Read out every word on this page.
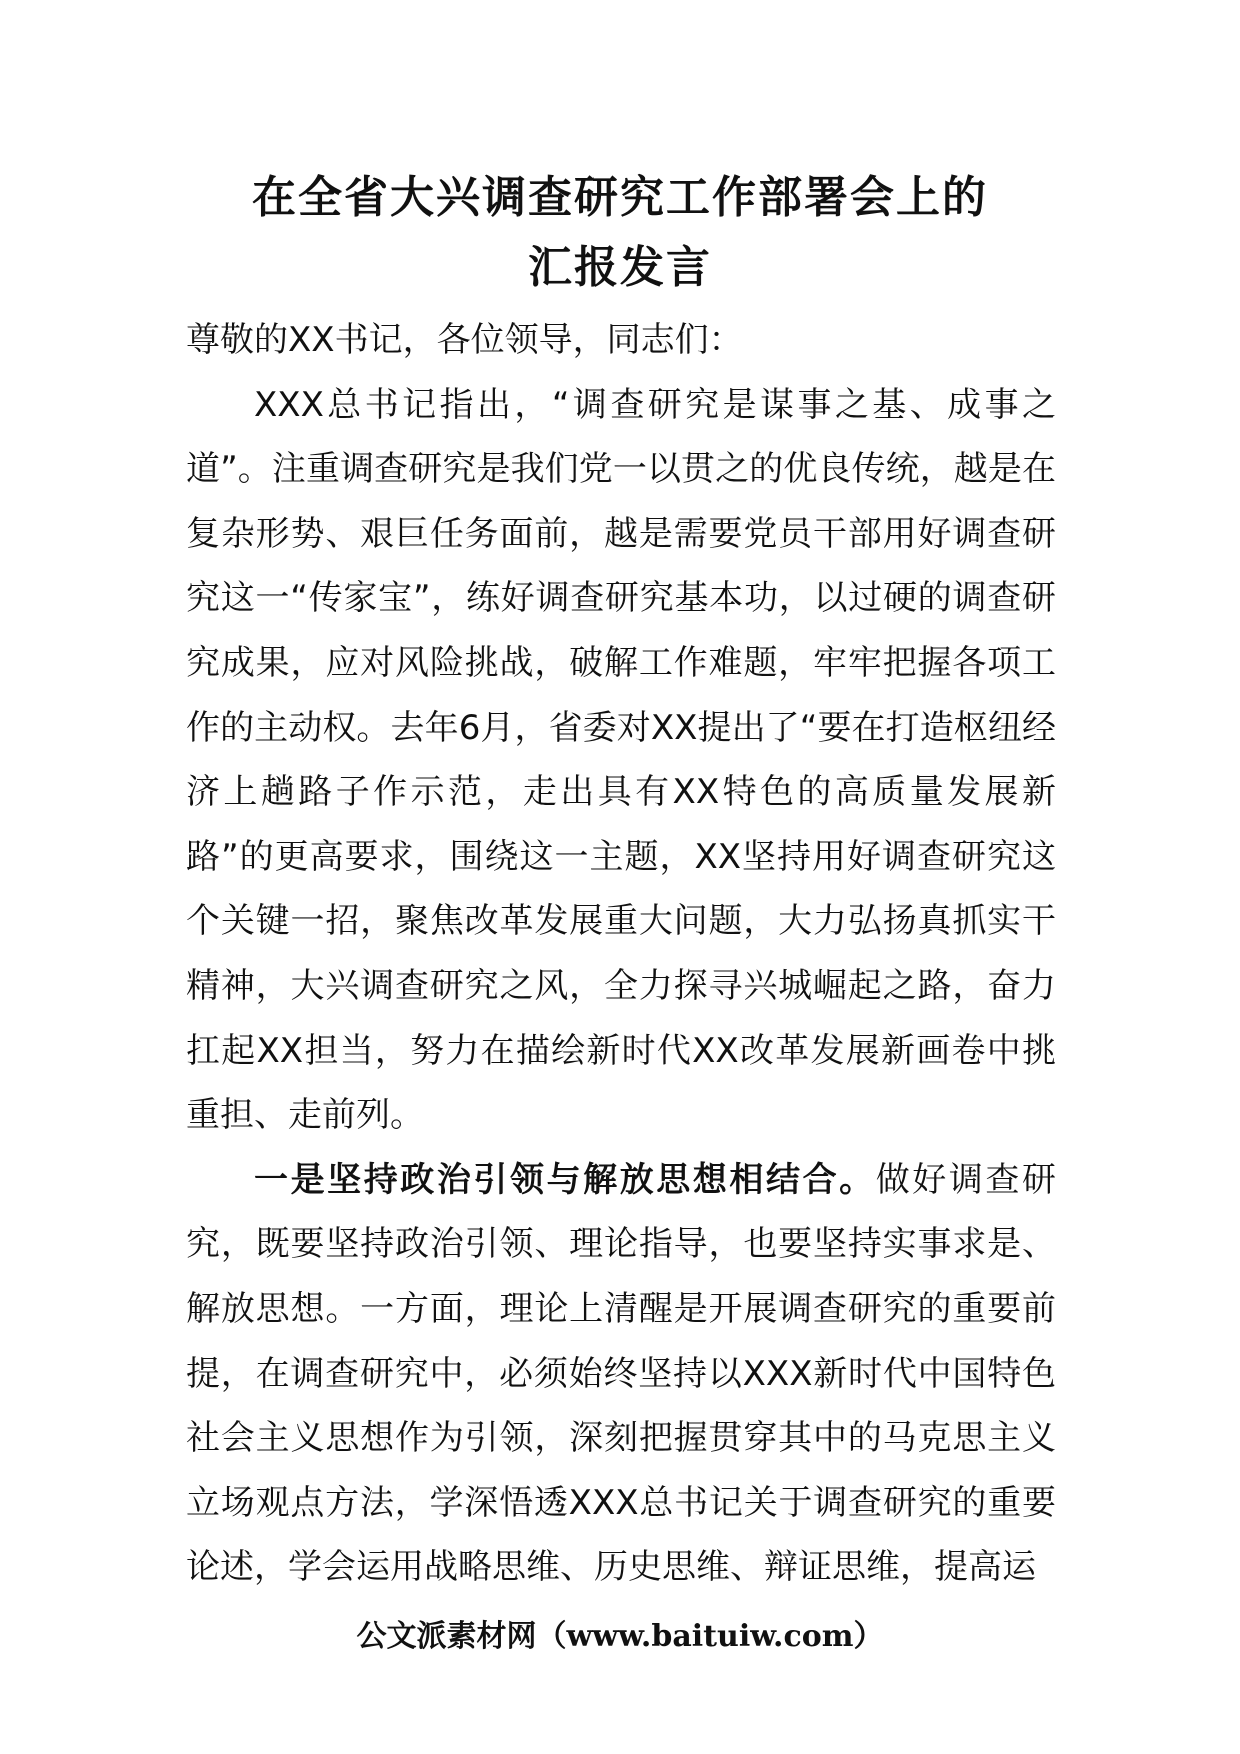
在全省大兴调查研究工作部署会上的
汇报发言

尊敬的XX书记，各位领导，同志们：

XXX总书记指出，“调查研究是谋事之基、成事之道”。注重调查研究是我们党一以贯之的优良传统，越是在复杂形势、艰巨任务面前，越是需要党员干部用好调查研究这一“传家宝”，练好调查研究基本功，以过硬的调查研究成果，应对风险挑战，破解工作难题，牢牢把握各项工作的主动权。去年6月，省委对XX提出了“要在打造枢纽经济上趟路子作示范，走出具有XX特色的高质量发展新路”的更高要求，围绕这一主题，XX坚持用好调查研究这个关键一招，聚焦改革发展重大问题，大力弘扬真抓实干精神，大兴调查研究之风，全力探寻兴城崛起之路，奋力扛起XX担当，努力在描绘新时代XX改革发展新画卷中挑重担、走前列。

一是坚持政治引领与解放思想相结合。做好调查研究，既要坚持政治引领、理论指导，也要坚持实事求是、解放思想。一方面，理论上清醒是开展调查研究的重要前提，在调查研究中，必须始终坚持以XXX新时代中国特色社会主义思想作为引领，深刻把握贯穿其中的马克思主义立场观点方法，学深悟透XXX总书记关于调查研究的重要论述，学会运用战略思维、历史思维、辩证思维，提高运

公文派素材网（www.baituiw.com）
